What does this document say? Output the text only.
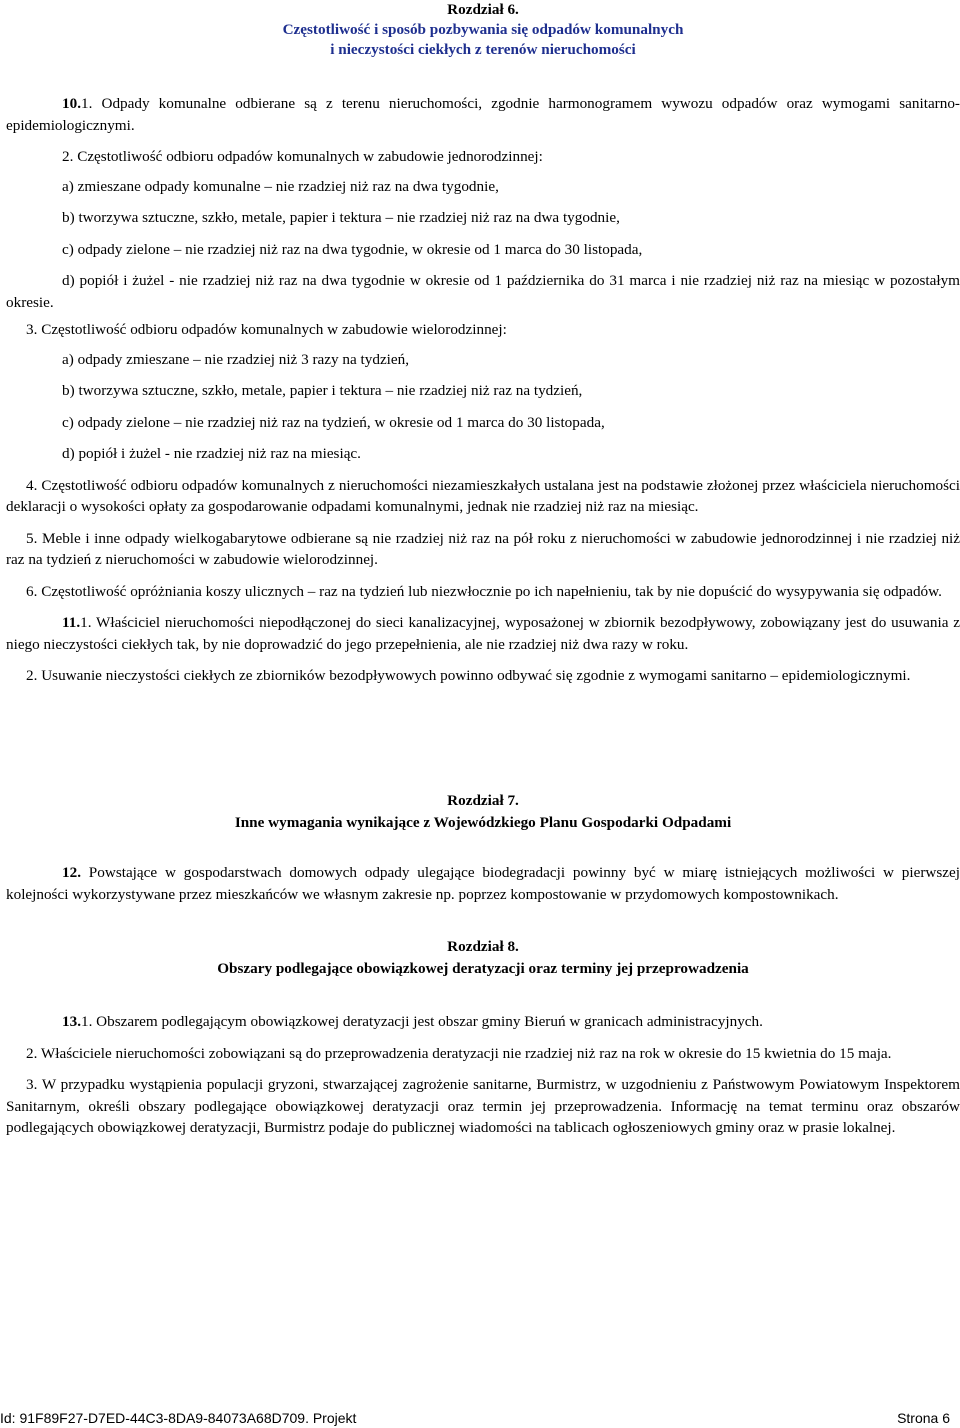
Rozdział 6.
Częstotliwość i sposób pozbywania się odpadów komunalnych
i nieczystości ciekłych z terenów nieruchomości

10.1. Odpady komunalne odbierane są z terenu nieruchomości, zgodnie harmonogramem wywozu odpadów oraz wymogami sanitarno-epidemiologicznymi.

2. Częstotliwość odbioru odpadów komunalnych w zabudowie jednorodzinnej:

a) zmieszane odpady komunalne – nie rzadziej niż raz na dwa tygodnie,

b) tworzywa sztuczne, szkło, metale, papier i tektura – nie rzadziej niż raz na dwa tygodnie,

c) odpady zielone – nie rzadziej niż raz na dwa tygodnie, w okresie od 1 marca do 30 listopada,

d) popiół i żużel - nie rzadziej niż raz na dwa tygodnie w okresie od 1 października do 31 marca i nie rzadziej niż raz na miesiąc w pozostałym okresie.

3. Częstotliwość odbioru odpadów komunalnych w zabudowie wielorodzinnej:

a) odpady zmieszane – nie rzadziej niż 3 razy na tydzień,

b) tworzywa sztuczne, szkło, metale, papier i tektura – nie rzadziej niż raz na tydzień,

c) odpady zielone – nie rzadziej niż raz na tydzień, w okresie od 1 marca do 30 listopada,

d) popiół i żużel - nie rzadziej niż raz na miesiąc.

4. Częstotliwość odbioru odpadów komunalnych z nieruchomości niezamieszkałych ustalana jest na podstawie złożonej przez właściciela nieruchomości deklaracji o wysokości opłaty za gospodarowanie odpadami komunalnymi, jednak nie rzadziej niż raz na miesiąc.

5. Meble i inne odpady wielkogabarytowe odbierane są nie rzadziej niż raz na pół roku z nieruchomości w zabudowie jednorodzinnej i nie rzadziej niż raz na tydzień z nieruchomości w zabudowie wielorodzinnej.

6. Częstotliwość opróżniania koszy ulicznych – raz na tydzień lub niezwłocznie po ich napełnieniu, tak by nie dopuścić do wysypywania się odpadów.

11.1. Właściciel nieruchomości niepodłączonej do sieci kanalizacyjnej, wyposażonej w zbiornik bezodpływowy, zobowiązany jest do usuwania z niego nieczystości ciekłych tak, by nie doprowadzić do jego przepełnienia, ale nie rzadziej niż dwa razy w roku.

2. Usuwanie nieczystości ciekłych ze zbiorników bezodpływowych powinno odbywać się zgodnie z wymogami sanitarno – epidemiologicznymi.

Rozdział 7.
Inne wymagania wynikające z Wojewódzkiego Planu Gospodarki Odpadami

12. Powstające w gospodarstwach domowych odpady ulegające biodegradacji powinny być w miarę istniejących możliwości w pierwszej kolejności wykorzystywane przez mieszkańców we własnym zakresie np. poprzez kompostowanie w przydomowych kompostownikach.

Rozdział 8.
Obszary podlegające obowiązkowej deratyzacji oraz terminy jej przeprowadzenia

13.1. Obszarem podlegającym obowiązkowej deratyzacji jest obszar gminy Bieruń w granicach administracyjnych.

2. Właściciele nieruchomości zobowiązani są do przeprowadzenia deratyzacji nie rzadziej niż raz na rok w okresie do 15 kwietnia do 15 maja.

3. W przypadku wystąpienia populacji gryzoni, stwarzającej zagrożenie sanitarne, Burmistrz, w uzgodnieniu z Państwowym Powiatowym Inspektorem Sanitarnym, określi obszary podlegające obowiązkowej deratyzacji oraz termin jej przeprowadzenia. Informację na temat terminu oraz obszarów podlegających obowiązkowej deratyzacji, Burmistrz podaje do publicznej wiadomości na tablicach ogłoszeniowych gminy oraz w prasie lokalnej.

Id: 91F89F27-D7ED-44C3-8DA9-84073A68D709. Projekt	Strona 6
